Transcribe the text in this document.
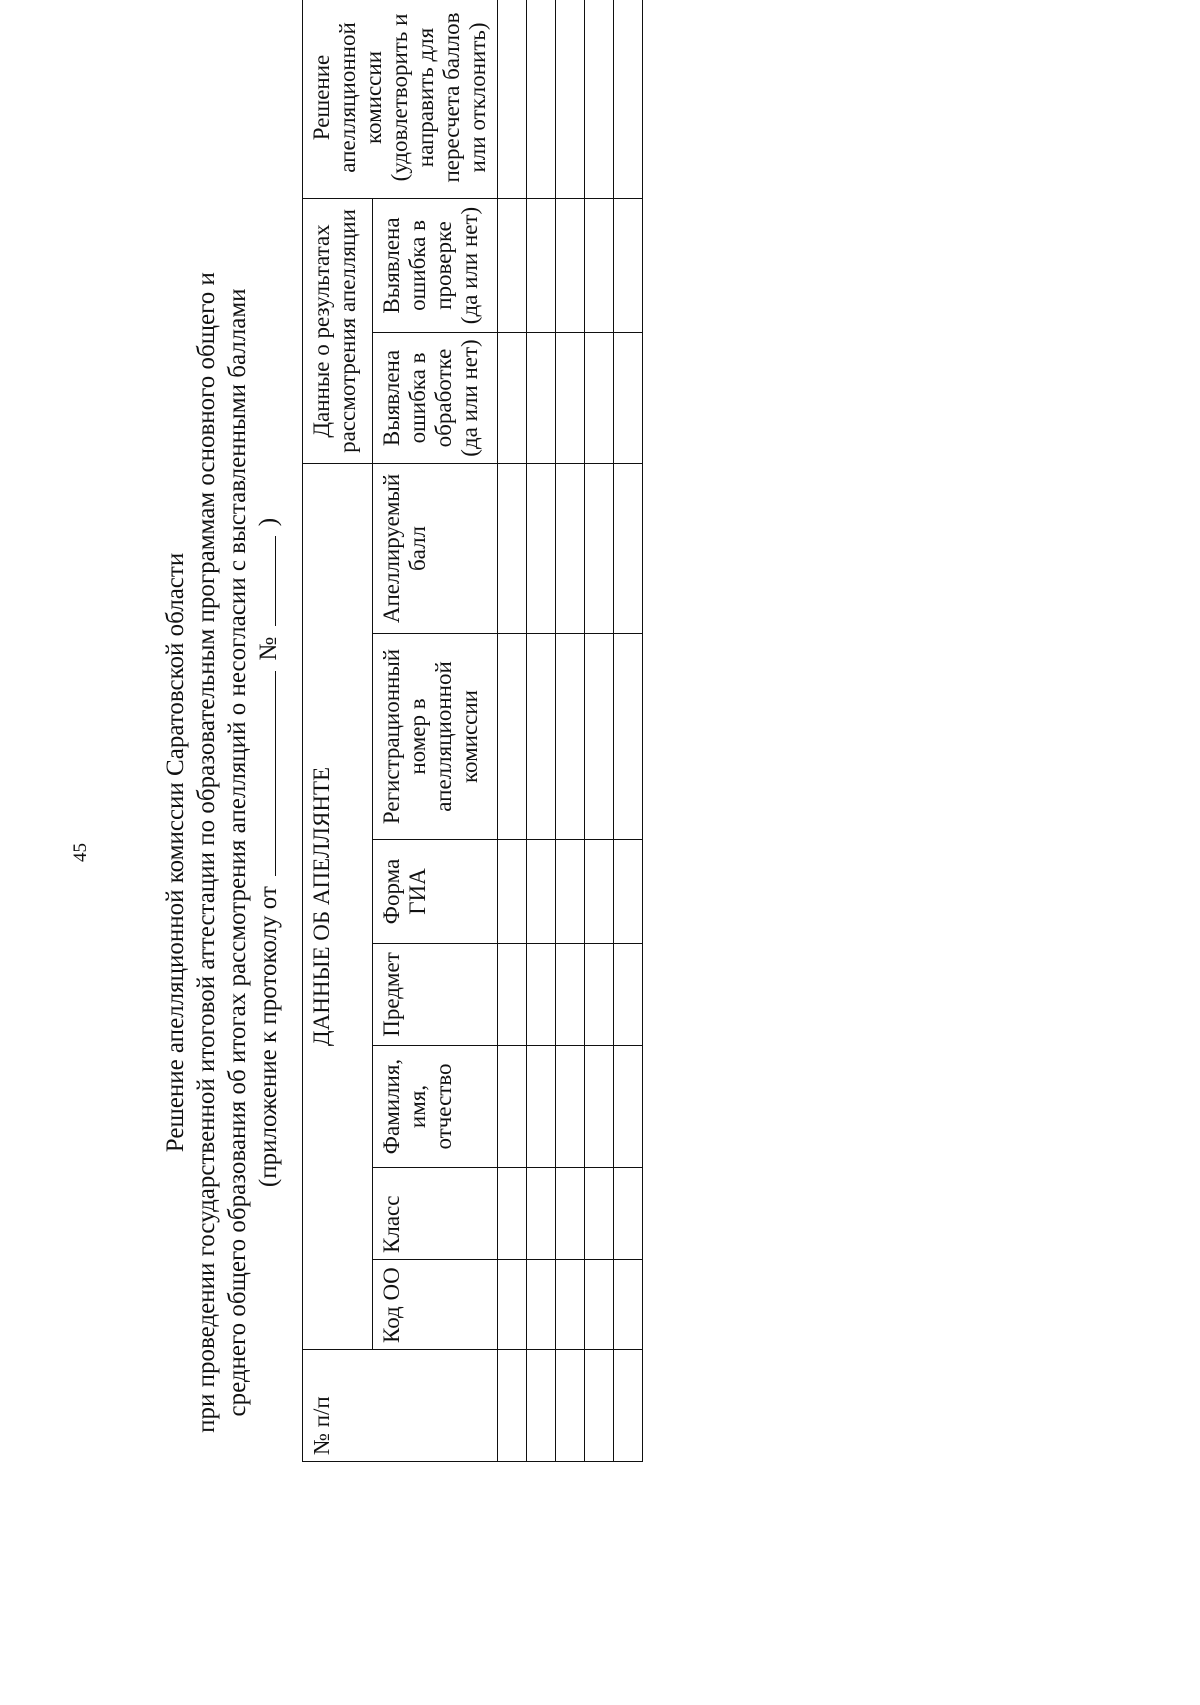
45	Решение апелляционной комиссии Саратовской области при проведении государственной итоговой аттестации по образовательным программам основного общего и среднего общего образования об итогах рассмотрения апелляций о несогласии с выставленными баллами (приложение к протоколу от  №  )
№ п/п	ДАННЫЕ ОБ АПЕЛЛЯНТЕ							Данные о результатах рассмотрения апелляции		Решение апелляционной комиссии (удовлетворить и направить для пересчета баллов или отклонить)
	Код ОО	Класс	Фамилия, имя, отчество	Предмет	Форма ГИА	Регистрационный номер в апелляционной комиссии	Апеллируемый балл	Выявлена ошибка в обработке (да или нет)	Выявлена ошибка в проверке (да или нет)	
